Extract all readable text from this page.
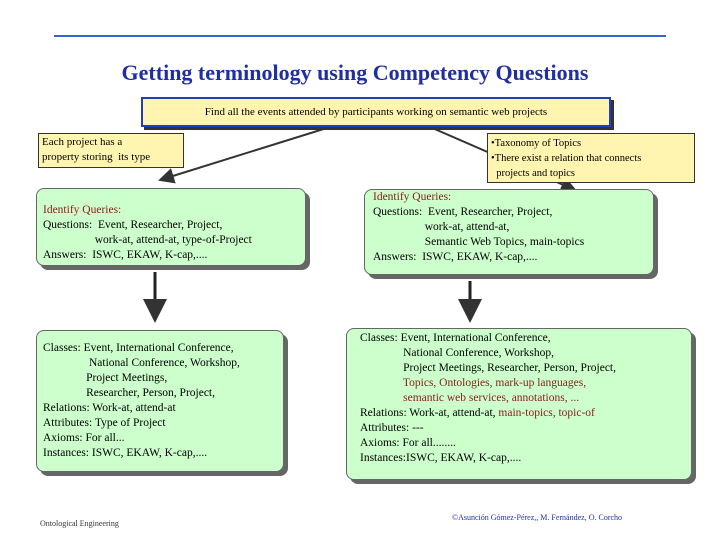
Getting terminology using Competency Questions
Find all the events attended by participants working on semantic web projects
Each project has a
property storing  its type
•Taxonomy of Topics
•There exist a relation that connects
projects and topics
Identify Queries:
Questions:  Event, Researcher, Project,
work-at, attend-at, type-of-Project
Answers:  ISWC, EKAW, K-cap,....
Identify Queries:
Questions:  Event, Researcher, Project,
work-at, attend-at,
Semantic Web Topics, main-topics
Answers:  ISWC, EKAW, K-cap,....
Classes: Event, International Conference,
National Conference, Workshop,
Project Meetings,
Researcher, Person, Project,
Relations: Work-at, attend-at
Attributes: Type of Project
Axioms: For all...
Instances: ISWC, EKAW, K-cap,....
Classes: Event, International Conference,
National Conference, Workshop,
Project Meetings, Researcher, Person, Project,
Topics, Ontologies, mark-up languages,
semantic web services, annotations, ...
Relations: Work-at, attend-at, main-topics, topic-of
Attributes: ---
Axioms: For all........
Instances:ISWC, EKAW, K-cap,....
Ontological Engineering
©Asunción Gómez-Pérez,, M. Fernández, O. Corcho
